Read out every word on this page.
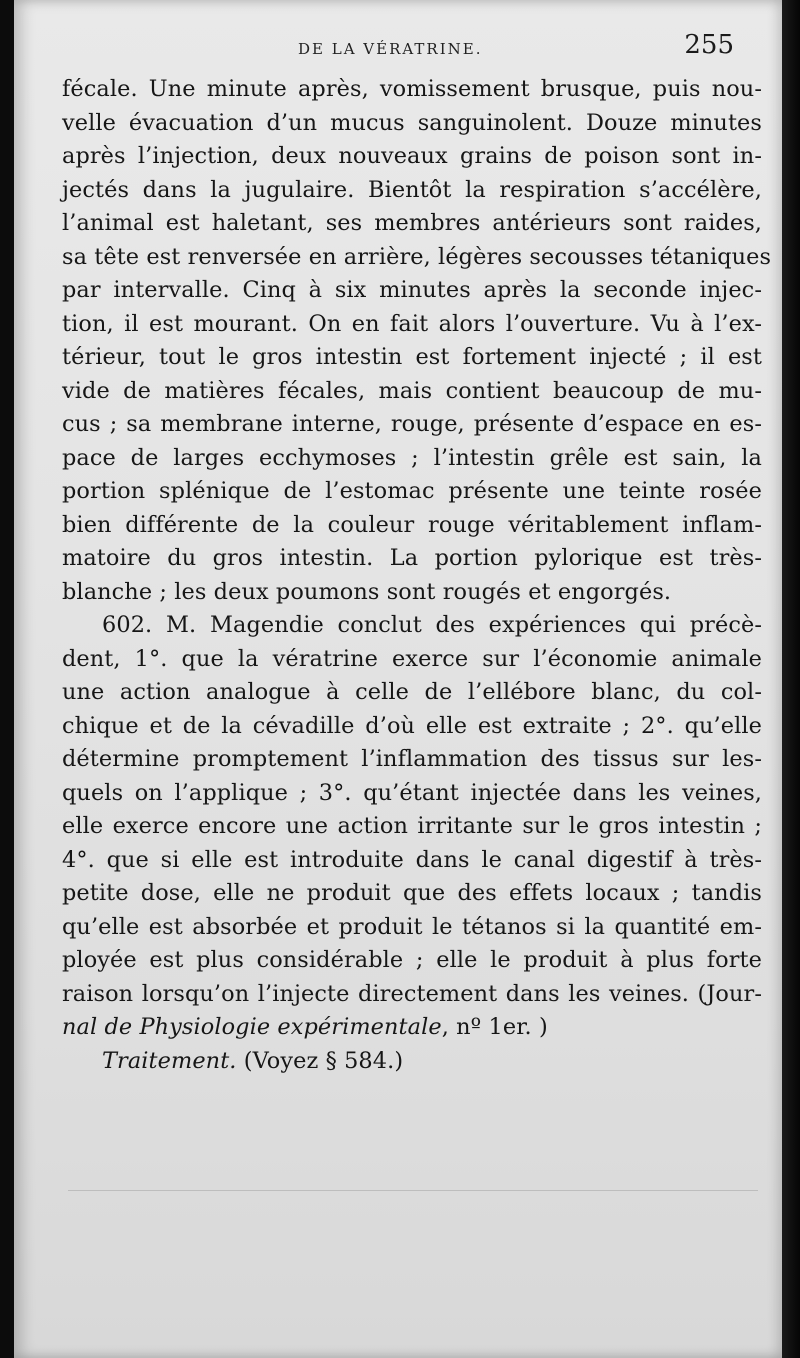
DE LA VÉRATRINE.	255
fécale. Une minute après, vomissement brusque, puis nou-
velle évacuation d’un mucus sanguinolent. Douze minutes
après l’injection, deux nouveaux grains de poison sont in-
jectés dans la jugulaire. Bientôt la respiration s’accélère,
l’animal est haletant, ses membres antérieurs sont raides,
sa tête est renversée en arrière, légères secousses tétaniques
par intervalle. Cinq à six minutes après la seconde injec-
tion, il est mourant. On en fait alors l’ouverture. Vu à l’ex-
térieur, tout le gros intestin est fortement injecté ; il est
vide de matières fécales, mais contient beaucoup de mu-
cus ; sa membrane interne, rouge, présente d’espace en es-
pace de larges ecchymoses ; l’intestin grêle est sain, la
portion splénique de l’estomac présente une teinte rosée
bien différente de la couleur rouge véritablement inflam-
matoire du gros intestin. La portion pylorique est très-
blanche ; les deux poumons sont rougés et engorgés.
602. M. Magendie conclut des expériences qui précè-
dent, 1°. que la vératrine exerce sur l’économie animale
une action analogue à celle de l’ellébore blanc, du col-
chique et de la cévadille d’où elle est extraite ; 2°. qu’elle
détermine promptement l’inflammation des tissus sur les-
quels on l’applique ; 3°. qu’étant injectée dans les veines,
elle exerce encore une action irritante sur le gros intestin ;
4°. que si elle est introduite dans le canal digestif à très-
petite dose, elle ne produit que des effets locaux ; tandis
qu’elle est absorbée et produit le tétanos si la quantité em-
ployée est plus considérable ; elle le produit à plus forte
raison lorsqu’on l’injecte directement dans les veines. (Jour-
nal de Physiologie expérimentale, nº 1er. )
Traitement. (Voyez § 584.)
